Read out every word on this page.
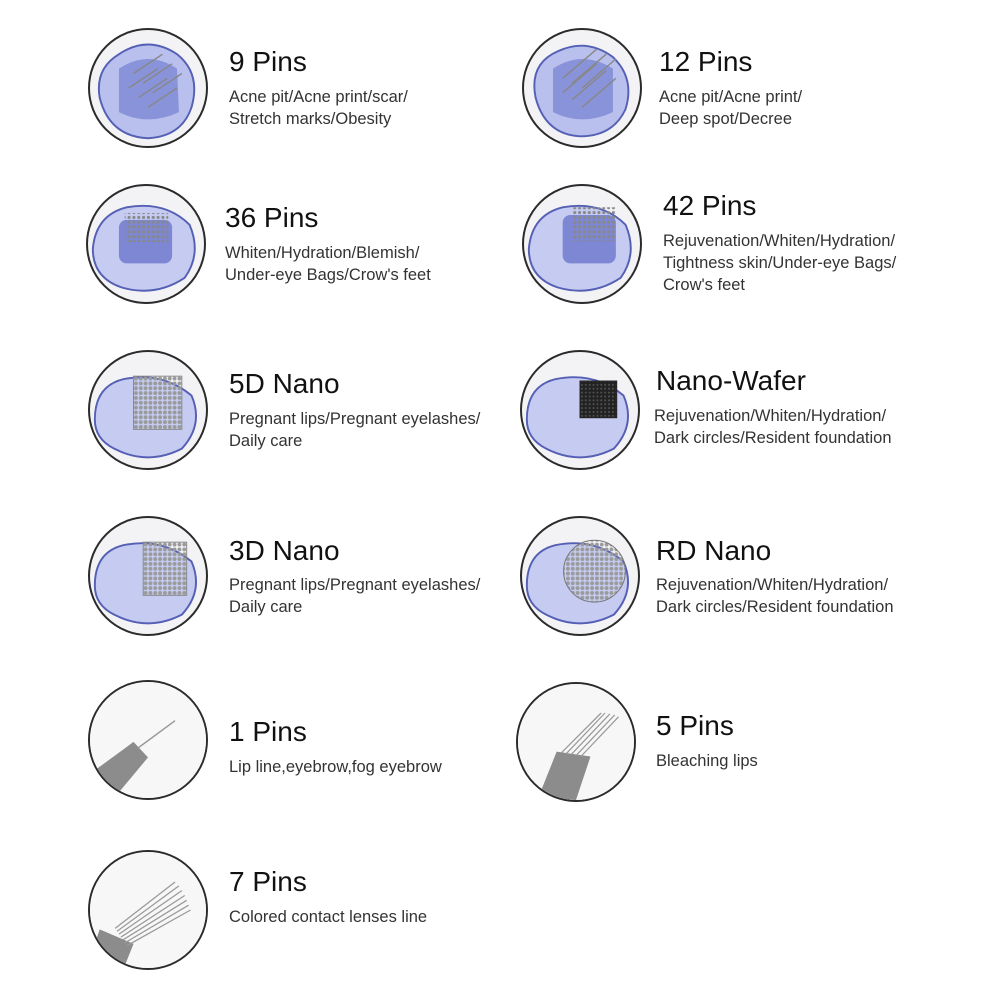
9 Pins
Acne pit/Acne print/scar/
Stretch marks/Obesity
12 Pins
Acne pit/Acne print/
Deep spot/Decree
36 Pins
Whiten/Hydration/Blemish/
Under-eye Bags/Crow's feet
42 Pins
Rejuvenation/Whiten/Hydration/
Tightness skin/Under-eye Bags/
Crow's feet
5D Nano
Pregnant lips/Pregnant eyelashes/
Daily care
Nano-Wafer
Rejuvenation/Whiten/Hydration/
Dark circles/Resident foundation
3D Nano
Pregnant lips/Pregnant eyelashes/
Daily care
RD Nano
Rejuvenation/Whiten/Hydration/
Dark circles/Resident foundation
1 Pins
Lip line,eyebrow,fog eyebrow
5 Pins
Bleaching lips
7 Pins
Colored contact lenses line
